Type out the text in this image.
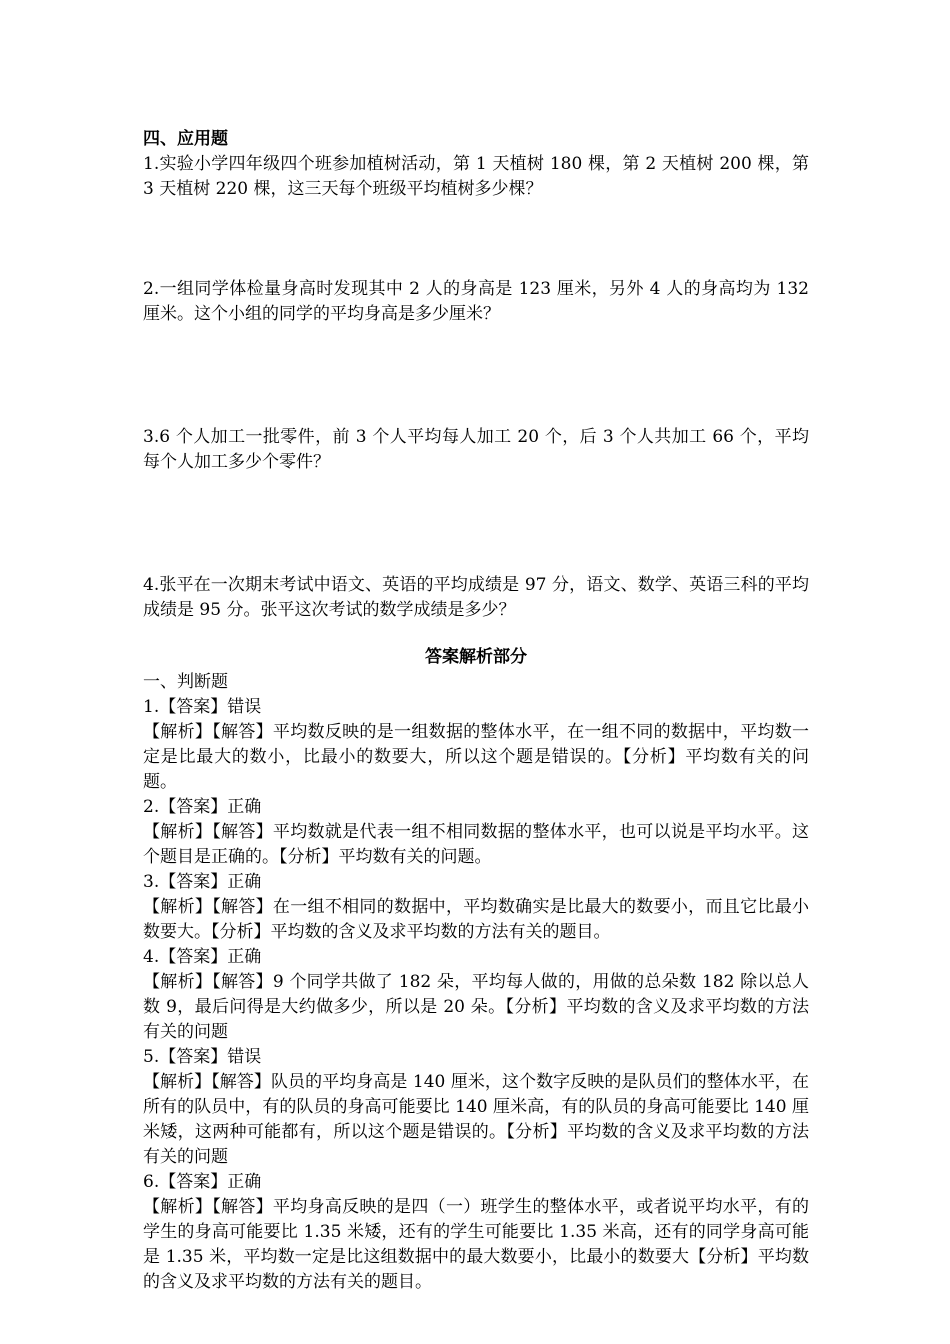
四、应用题

1.实验小学四年级四个班参加植树活动，第 1 天植树 180 棵，第 2 天植树 200 棵，第 3 天植树 220 棵，这三天每个班级平均植树多少棵？

2.一组同学体检量身高时发现其中 2 人的身高是 123 厘米，另外 4 人的身高均为 132 厘米。这个小组的同学的平均身高是多少厘米？

3.6 个人加工一批零件，前 3 个人平均每人加工 20 个，后 3 个人共加工 66 个，平均每个人加工多少个零件？

4.张平在一次期末考试中语文、英语的平均成绩是 97 分，语文、数学、英语三科的平均成绩是 95 分。张平这次考试的数学成绩是多少？

答案解析部分

一、判断题

1.【答案】错误

【解析】【解答】平均数反映的是一组数据的整体水平，在一组不同的数据中，平均数一定是比最大的数小，比最小的数要大，所以这个题是错误的。【分析】平均数有关的问题。

2.【答案】正确

【解析】【解答】平均数就是代表一组不相同数据的整体水平，也可以说是平均水平。这个题目是正确的。【分析】平均数有关的问题。

3.【答案】正确

【解析】【解答】在一组不相同的数据中，平均数确实是比最大的数要小，而且它比最小数要大。【分析】平均数的含义及求平均数的方法有关的题目。

4.【答案】正确

【解析】【解答】9 个同学共做了 182 朵，平均每人做的，用做的总朵数 182 除以总人数 9，最后问得是大约做多少，所以是 20 朵。【分析】平均数的含义及求平均数的方法有关的问题

5.【答案】错误

【解析】【解答】队员的平均身高是 140 厘米，这个数字反映的是队员们的整体水平，在所有的队员中，有的队员的身高可能要比 140 厘米高，有的队员的身高可能要比 140 厘米矮，这两种可能都有，所以这个题是错误的。【分析】平均数的含义及求平均数的方法有关的问题

6.【答案】正确

【解析】【解答】平均身高反映的是四（一）班学生的整体水平，或者说平均水平，有的学生的身高可能要比 1.35 米矮，还有的学生可能要比 1.35 米高，还有的同学身高可能是 1.35 米，平均数一定是比这组数据中的最大数要小，比最小的数要大【分析】平均数的含义及求平均数的方法有关的题目。
